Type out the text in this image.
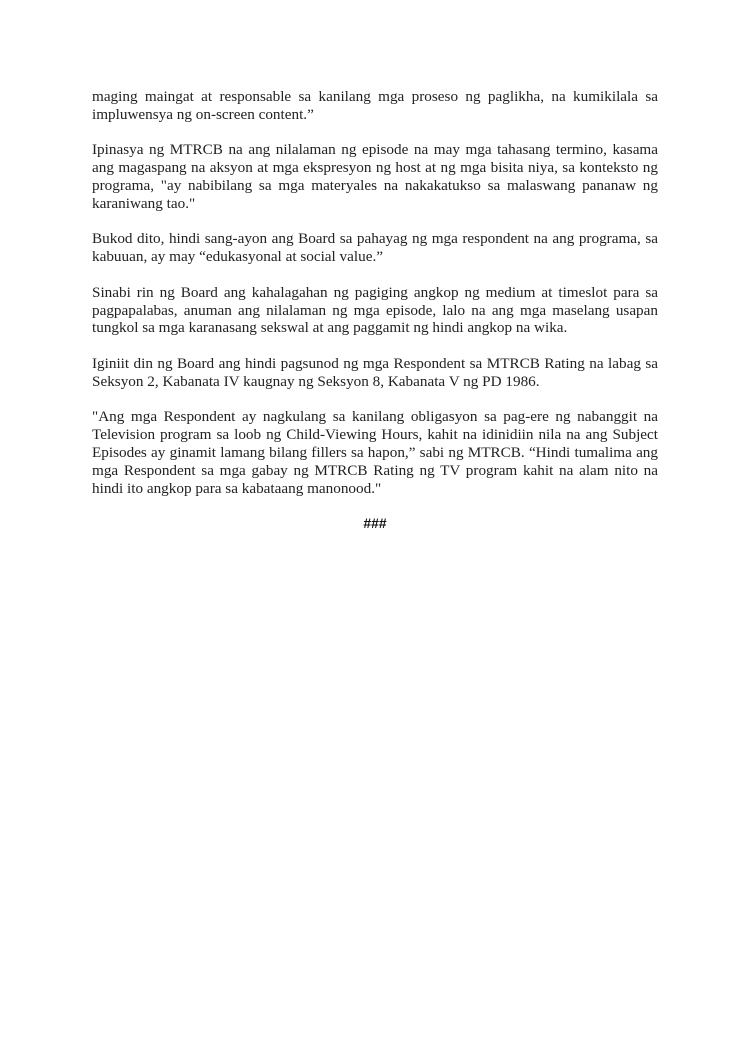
maging maingat at responsable sa kanilang mga proseso ng paglikha, na kumikilala sa impluwensya ng on-screen content.”

Ipinasya ng MTRCB na ang nilalaman ng episode na may mga tahasang termino, kasama ang magaspang na aksyon at mga ekspresyon ng host at ng mga bisita niya, sa konteksto ng programa, "ay nabibilang sa mga materyales na nakakatukso sa malaswang pananaw ng karaniwang tao."

Bukod dito, hindi sang-ayon ang Board sa pahayag ng mga respondent na ang programa, sa kabuuan, ay may “edukasyonal at social value.”

Sinabi rin ng Board ang kahalagahan ng pagiging angkop ng medium at timeslot para sa pagpapalabas, anuman ang nilalaman ng mga episode, lalo na ang mga maselang usapan tungkol sa mga karanasang sekswal at ang paggamit ng hindi angkop na wika.

Iginiit din ng Board ang hindi pagsunod ng mga Respondent sa MTRCB Rating na labag sa Seksyon 2, Kabanata IV kaugnay ng Seksyon 8, Kabanata V ng PD 1986.

"Ang mga Respondent ay nagkulang sa kanilang obligasyon sa pag-ere ng nabanggit na Television program sa loob ng Child-Viewing Hours, kahit na idinidiin nila na ang Subject Episodes ay ginamit lamang bilang fillers sa hapon,” sabi ng MTRCB. “Hindi tumalima ang mga Respondent sa mga gabay ng MTRCB Rating ng TV program kahit na alam nito na hindi ito angkop para sa kabataang manonood."

###
